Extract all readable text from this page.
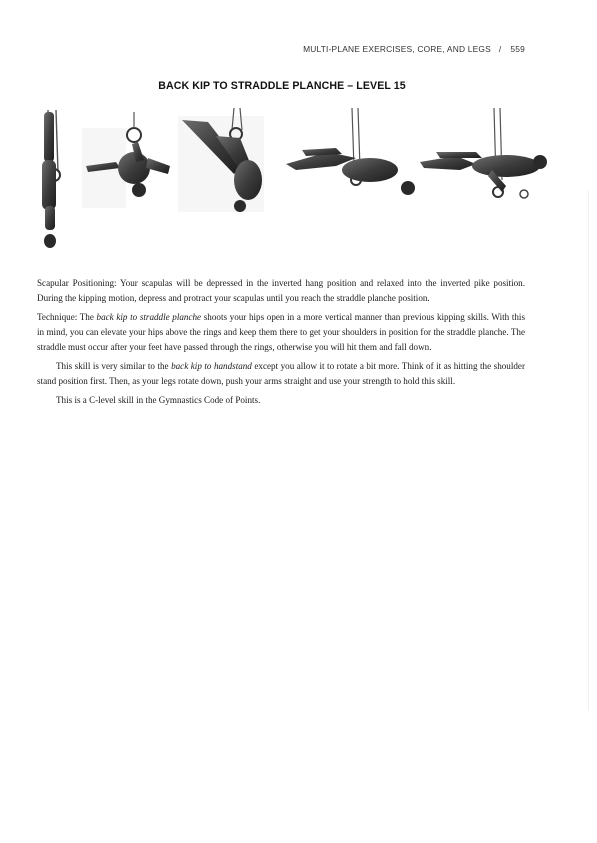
MULTI-PLANE EXERCISES, CORE, AND LEGS / 559
BACK KIP TO STRADDLE PLANCHE – LEVEL 15

Scapular Positioning: Your scapulas will be depressed in the inverted hang position and relaxed into the inverted pike position. During the kipping motion, depress and protract your scapulas until you reach the straddle planche position.

Technique: The back kip to straddle planche shoots your hips open in a more vertical manner than previous kipping skills. With this in mind, you can elevate your hips above the rings and keep them there to get your shoulders in position for the straddle planche. The straddle must occur after your feet have passed through the rings, otherwise you will hit them and fall down.

This skill is very similar to the back kip to handstand except you allow it to rotate a bit more. Think of it as hitting the shoulder stand position first. Then, as your legs rotate down, push your arms straight and use your strength to hold this skill.

This is a C-level skill in the Gymnastics Code of Points.
